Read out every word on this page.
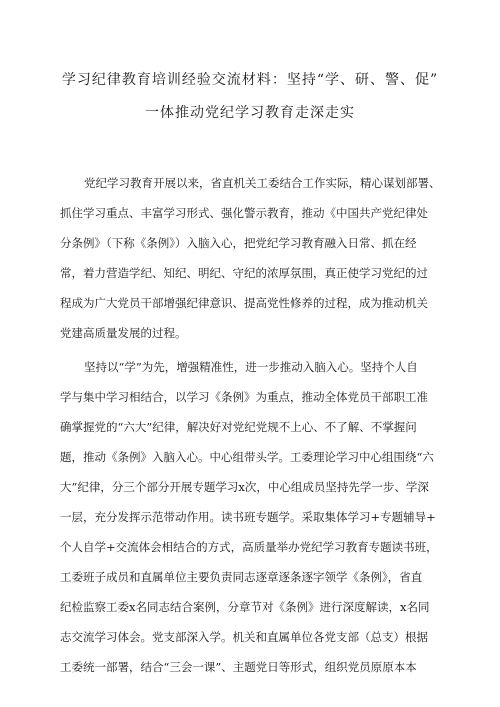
学习纪律教育培训经验交流材料：坚持“学、研、警、促”
一体推动党纪学习教育走深走实

党纪学习教育开展以来，省直机关工委结合工作实际，精心谋划部署、
抓住学习重点、丰富学习形式、强化警示教育，推动《中国共产党纪律处
分条例》（下称《条例》）入脑入心，把党纪学习教育融入日常、抓在经
常，着力营造学纪、知纪、明纪、守纪的浓厚氛围，真正使学习党纪的过
程成为广大党员干部增强纪律意识、提高党性修养的过程，成为推动机关
党建高质量发展的过程。

坚持以“学”为先，增强精准性，进一步推动入脑入心。坚持个人自
学与集中学习相结合，以学习《条例》为重点，推动全体党员干部职工准
确掌握党的“六大”纪律，解决好对党纪党规不上心、不了解、不掌握问
题，推动《条例》入脑入心。中心组带头学。工委理论学习中心组围绕“六
大”纪律，分三个部分开展专题学习x次，中心组成员坚持先学一步、学深
一层，充分发挥示范带动作用。读书班专题学。采取集体学习+专题辅导+
个人自学+交流体会相结合的方式，高质量举办党纪学习教育专题读书班，
工委班子成员和直属单位主要负责同志逐章逐条逐字领学《条例》，省直
纪检监察工委x名同志结合案例，分章节对《条例》进行深度解读，x名同
志交流学习体会。党支部深入学。机关和直属单位各党支部（总支）根据
工委统一部署，结合“三会一课”、主题党日等形式，组织党员原原本本
